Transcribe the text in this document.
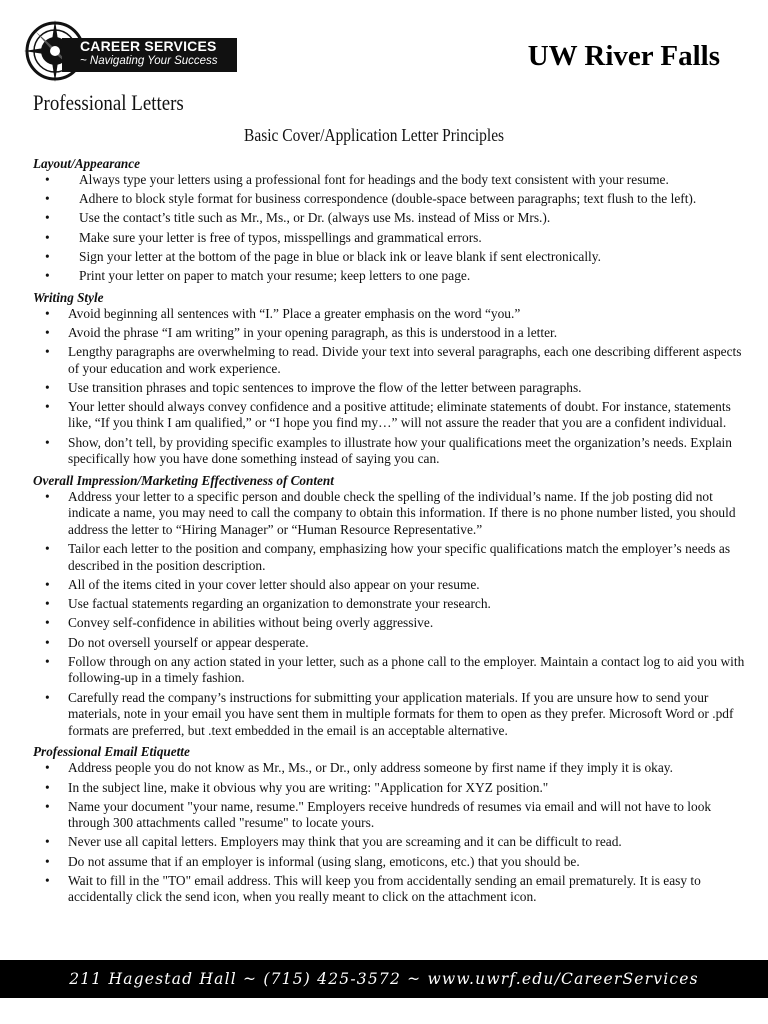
CAREER SERVICES
~ Navigating Your Success	UW River Falls
Professional Letters
Basic Cover/Application Letter Principles
Layout/Appearance
• Always type your letters using a professional font for headings and the body text consistent with your resume.
• Adhere to block style format for business correspondence (double-space between paragraphs; text flush to the left).
• Use the contact’s title such as Mr., Ms., or Dr. (always use Ms. instead of Miss or Mrs.).
• Make sure your letter is free of typos, misspellings and grammatical errors.
• Sign your letter at the bottom of the page in blue or black ink or leave blank if sent electronically.
• Print your letter on paper to match your resume; keep letters to one page.
Writing Style
• Avoid beginning all sentences with “I.” Place a greater emphasis on the word “you.”
• Avoid the phrase “I am writing” in your opening paragraph, as this is understood in a letter.
• Lengthy paragraphs are overwhelming to read. Divide your text into several paragraphs, each one describing different aspects of your education and work experience.
• Use transition phrases and topic sentences to improve the flow of the letter between paragraphs.
• Your letter should always convey confidence and a positive attitude; eliminate statements of doubt. For instance, statements like, “If you think I am qualified,” or “I hope you find my…” will not assure the reader that you are a confident individual.
• Show, don’t tell, by providing specific examples to illustrate how your qualifications meet the organization’s needs. Explain specifically how you have done something instead of saying you can.
Overall Impression/Marketing Effectiveness of Content
• Address your letter to a specific person and double check the spelling of the individual’s name. If the job posting did not indicate a name, you may need to call the company to obtain this information. If there is no phone number listed, you should address the letter to “Hiring Manager” or “Human Resource Representative.”
• Tailor each letter to the position and company, emphasizing how your specific qualifications match the employer’s needs as described in the position description.
• All of the items cited in your cover letter should also appear on your resume.
• Use factual statements regarding an organization to demonstrate your research.
• Convey self-confidence in abilities without being overly aggressive.
• Do not oversell yourself or appear desperate.
• Follow through on any action stated in your letter, such as a phone call to the employer. Maintain a contact log to aid you with following-up in a timely fashion.
• Carefully read the company’s instructions for submitting your application materials. If you are unsure how to send your materials, note in your email you have sent them in multiple formats for them to open as they prefer. Microsoft Word or .pdf formats are preferred, but .text embedded in the email is an acceptable alternative.
Professional Email Etiquette
• Address people you do not know as Mr., Ms., or Dr., only address someone by first name if they imply it is okay.
• In the subject line, make it obvious why you are writing: "Application for XYZ position."
• Name your document "your name, resume." Employers receive hundreds of resumes via email and will not have to look through 300 attachments called "resume" to locate yours.
• Never use all capital letters. Employers may think that you are screaming and it can be difficult to read.
• Do not assume that if an employer is informal (using slang, emoticons, etc.) that you should be.
• Wait to fill in the "TO" email address. This will keep you from accidentally sending an email prematurely. It is easy to accidentally click the send icon, when you really meant to click on the attachment icon.
211 Hagestad Hall ~ (715) 425-3572 ~ www.uwrf.edu/CareerServices
